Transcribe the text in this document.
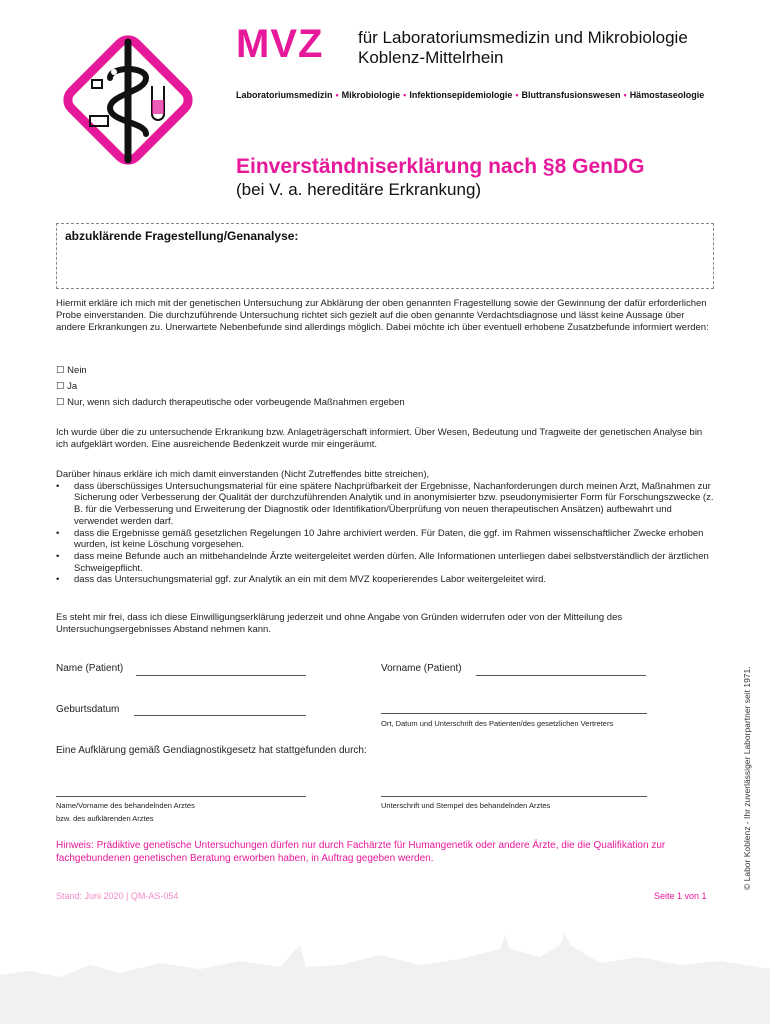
MVZ für Laboratoriumsmedizin und Mikrobiologie
Koblenz-Mittelrhein
Laboratoriumsmedizin • Mikrobiologie • Infektionsepidemiologie • Bluttransfusionswesen • Hämostaseologie
Einverständniserklärung nach §8 GenDG
(bei V. a. hereditäre Erkrankung)
abzuklärende Fragestellung/Genanalyse:
Hiermit erkläre ich mich mit der genetischen Untersuchung zur Abklärung der oben genannten Fragestellung sowie der Gewinnung der dafür erforderlichen Probe einverstanden. Die durchzuführende Untersuchung richtet sich gezielt auf die oben genannte Verdachtsdiagnose und lässt keine Aussage über andere Erkrankungen zu. Unerwartete Nebenbefunde sind allerdings möglich. Dabei möchte ich über eventuell erhobene Zusatzbefunde informiert werden:
☐ Nein
☐ Ja
☐ Nur, wenn sich dadurch therapeutische oder vorbeugende Maßnahmen ergeben
Ich wurde über die zu untersuchende Erkrankung bzw. Anlageträgerschaft informiert. Über Wesen, Bedeutung und Tragweite der genetischen Analyse bin ich aufgeklärt worden. Eine ausreichende Bedenkzeit wurde mir eingeräumt.
Darüber hinaus erkläre ich mich damit einverstanden (Nicht Zutreffendes bitte streichen),
• dass überschüssiges Untersuchungsmaterial für eine spätere Nachprüfbarkeit der Ergebnisse, Nachanforderungen durch meinen Arzt, Maßnahmen zur Sicherung oder Verbesserung der Qualität der durchzuführenden Analytik und in anonymisierter bzw. pseudonymisierter Form für Forschungszwecke (z. B. für die Verbesserung und Erweiterung der Diagnostik oder Identifikation/Überprüfung von neuen therapeutischen Ansätzen) aufbewahrt und verwendet werden darf.
• dass die Ergebnisse gemäß gesetzlichen Regelungen 10 Jahre archiviert werden. Für Daten, die ggf. im Rahmen wissenschaftlicher Zwecke erhoben wurden, ist keine Löschung vorgesehen.
• dass meine Befunde auch an mitbehandelnde Ärzte weitergeleitet werden dürfen. Alle Informationen unterliegen dabei selbstverständlich der ärztlichen Schweigepflicht.
• dass das Untersuchungsmaterial ggf. zur Analytik an ein mit dem MVZ kooperierendes Labor weitergeleitet wird.
Es steht mir frei, dass ich diese Einwilligungserklärung jederzeit und ohne Angabe von Gründen widerrufen oder von der Mitteilung des Untersuchungsergebnisses Abstand nehmen kann.
Name (Patient)	Vorname (Patient)
Geburtsdatum
Ort, Datum und Unterschrift des Patienten/des gesetzlichen Vertreters
Eine Aufklärung gemäß Gendiagnostikgesetz hat stattgefunden durch:
Name/Vorname des behandelnden Arztes
bzw. des aufklärenden Arztes
Unterschrift und Stempel des behandelnden Arztes
Hinweis: Prädiktive genetische Untersuchungen dürfen nur durch Fachärzte für Humangenetik oder andere Ärzte, die die Qualifikation zur fachgebundenen genetischen Beratung erworben haben, in Auftrag gegeben werden.
Stand: Juni 2020 | QM-AS-054	Seite 1 von 1
© Labor Koblenz - Ihr zuverlässiger Laborpartner seit 1971.
